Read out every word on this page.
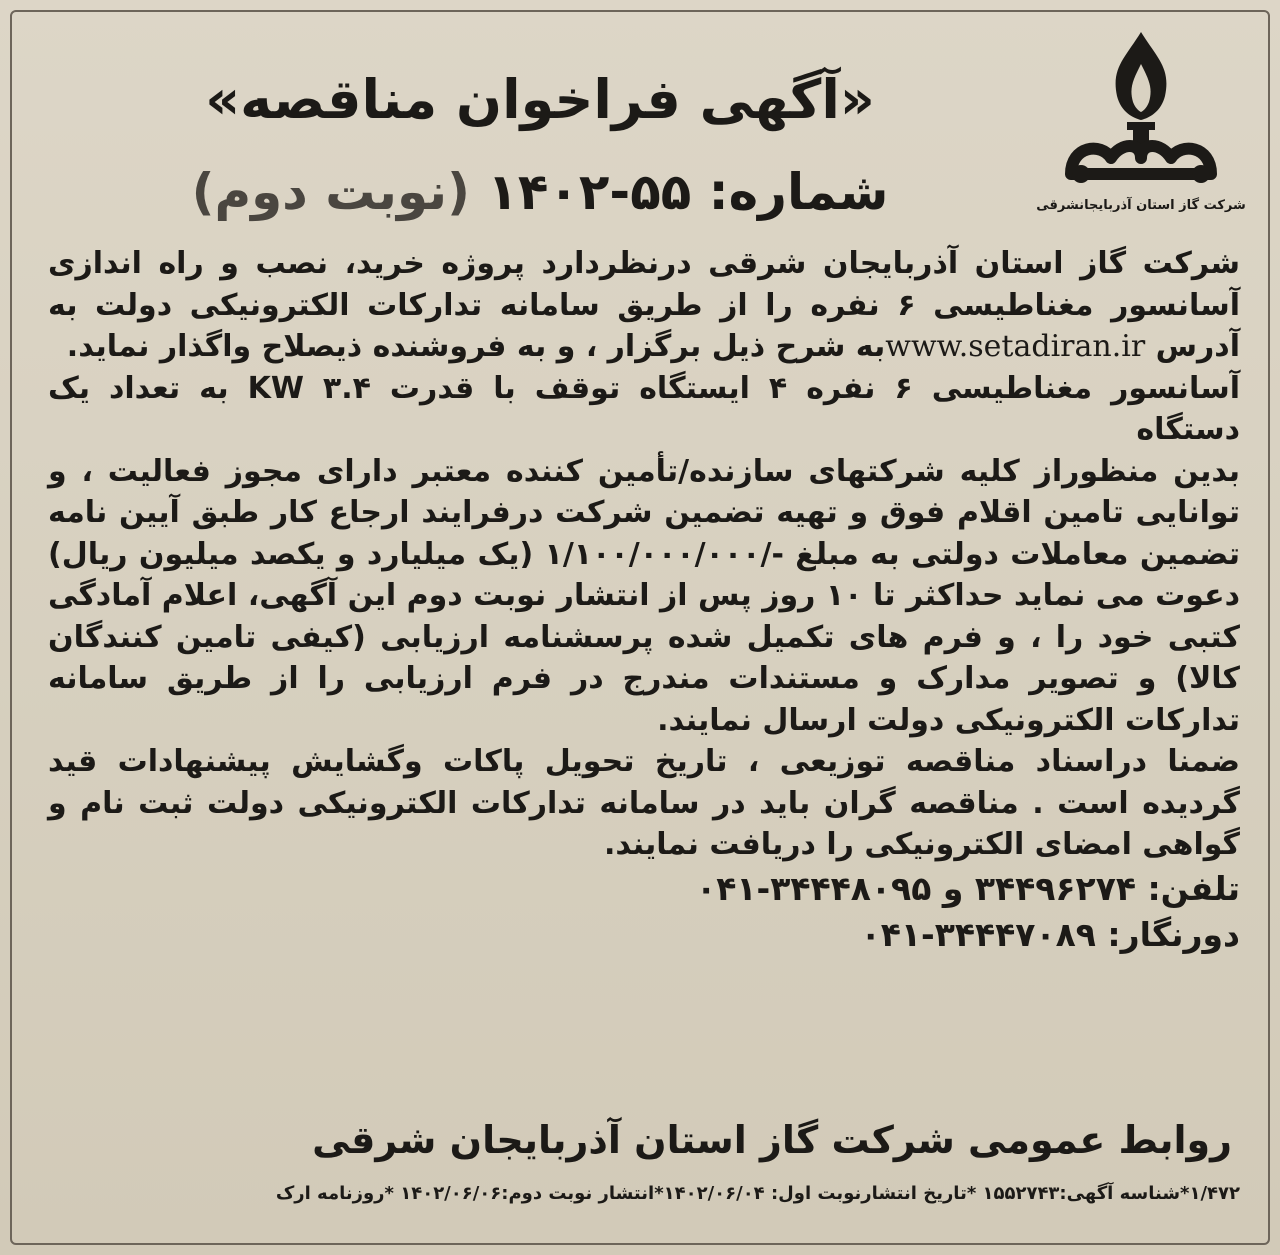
شرکت گاز استان آذربایجانشرقی
«آگهی فراخوان مناقصه»
شماره: ۵۵-۱۴۰۲ (نوبت دوم)

شرکت گاز استان آذربایجان شرقی درنظردارد پروژه خرید، نصب و راه اندازی آسانسور مغناطیسی ۶ نفره را از طریق سامانه تدارکات الکترونیکی دولت به آدرس www.setadiran.irبه شرح ذیل برگزار ، و به فروشنده ذیصلاح واگذار نماید.

آسانسور مغناطیسی ۶ نفره ۴ ایستگاه توقف با قدرت KW ۳.۴ به تعداد یک دستگاه

بدین منظوراز کلیه شرکتهای سازنده/تأمین کننده معتبر دارای مجوز فعالیت ، و توانایی تامین اقلام فوق و تهیه تضمین شرکت درفرایند ارجاع کار طبق آیین نامه تضمین معاملات دولتی به مبلغ -/۱/۱۰۰/۰۰۰/۰۰۰ (یک میلیارد و یکصد میلیون ریال) دعوت می نماید حداکثر تا ۱۰ روز پس از انتشار نوبت دوم این آگهی، اعلام آمادگی کتبی خود را ، و فرم های تکمیل شده پرسشنامه ارزیابی (کیفی تامین کنندگان کالا) و تصویر مدارک و مستندات مندرج در فرم ارزیابی را از طریق سامانه تدارکات الکترونیکی دولت ارسال نمایند.

ضمنا دراسناد مناقصه توزیعی ، تاریخ تحویل پاکات وگشایش پیشنهادات قید گردیده است . مناقصه گران باید در سامانه تدارکات الکترونیکی دولت ثبت نام و گواهی امضای الکترونیکی را دریافت نمایند.

تلفن: ۳۴۴۹۶۲۷۴ و ۳۴۴۴۸۰۹۵-۰۴۱

دورنگار: ۳۴۴۴۷۰۸۹-۰۴۱

روابط عمومی شرکت گاز استان آذربایجان شرقی
۱/۴۷۲*شناسه آگهی:۱۵۵۲۷۴۳ *تاریخ انتشارنوبت اول: ۱۴۰۲/۰۶/۰۴*انتشار نوبت دوم:۱۴۰۲/۰۶/۰۶ *روزنامه ارک
